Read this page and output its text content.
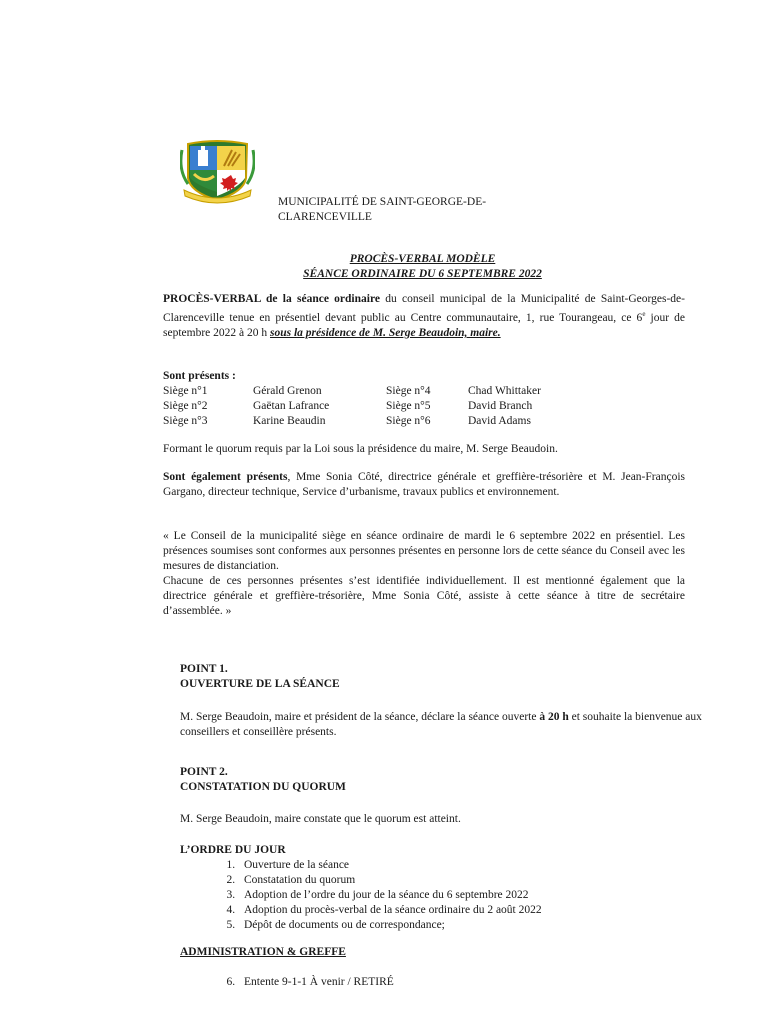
MUNICIPALITÉ DE SAINT-GEORGE-DE-
CLARENCEVILLE
PROCÈS-VERBAL MODÈLE
SÉANCE ORDINAIRE DU 6 SEPTEMBRE 2022
PROCÈS-VERBAL de la séance ordinaire du conseil municipal de la Municipalité de Saint-Georges-de-Clarenceville tenue en présentiel devant public au Centre communautaire, 1, rue Tourangeau, ce 6e jour de septembre 2022 à 20 h sous la présidence de M. Serge Beaudoin, maire.
Sont présents :
Siège n°1	Gérald Grenon	Siège n°4	Chad Whittaker
Siège n°2	Gaëtan Lafrance	Siège n°5	David Branch
Siège n°3	Karine Beaudin	Siège n°6	David Adams
Formant le quorum requis par la Loi sous la présidence du maire, M. Serge Beaudoin.
Sont également présents, Mme Sonia Côté, directrice générale et greffière-trésorière et M. Jean-François Gargano, directeur technique, Service d’urbanisme, travaux publics et environnement.
« Le Conseil de la municipalité siège en séance ordinaire de mardi le 6 septembre 2022 en présentiel. Les présences soumises sont conformes aux personnes présentes en personne lors de cette séance du Conseil avec les mesures de distanciation.
Chacune de ces personnes présentes s’est identifiée individuellement. Il est mentionné également que la directrice générale et greffière-trésorière, Mme Sonia Côté, assiste à cette séance à titre de secrétaire d’assemblée. »
POINT 1.
OUVERTURE DE LA SÉANCE
M. Serge Beaudoin, maire et président de la séance, déclare la séance ouverte à 20 h et souhaite la bienvenue aux conseillers et conseillère présents.
POINT 2.
CONSTATATION DU QUORUM
M. Serge Beaudoin, maire constate que le quorum est atteint.
L’ORDRE DU JOUR
1. Ouverture de la séance
2. Constatation du quorum
3. Adoption de l’ordre du jour de la séance du 6 septembre 2022
4. Adoption du procès-verbal de la séance ordinaire du 2 août 2022
5. Dépôt de documents ou de correspondance;
ADMINISTRATION & GREFFE
6. Entente 9-1-1 À venir / RETIRÉ
